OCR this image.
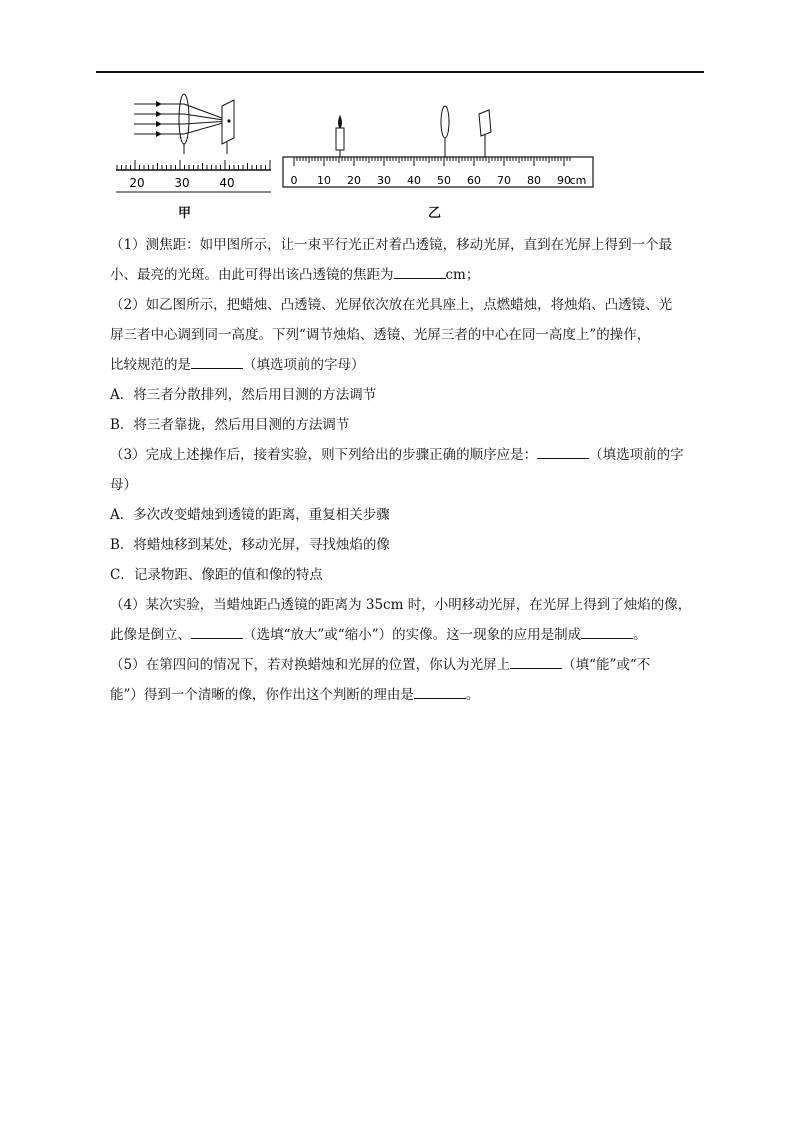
20 30 40
甲
0 10 20 30 40 50 60 70 80 90
cm
乙
（1）测焦距：如甲图所示，让一束平行光正对着凸透镜，移动光屏，直到在光屏上得到一个最
小、最亮的光斑。由此可得出该凸透镜的焦距为	cm；
（2）如乙图所示，把蜡烛、凸透镜、光屏依次放在光具座上，点燃蜡烛，将烛焰、凸透镜、光
屏三者中心调到同一高度。下列“调节烛焰、透镜、光屏三者的中心在同一高度上”的操作，
比较规范的是	（填选项前的字母）
A．将三者分散排列，然后用目测的方法调节
B．将三者靠拢，然后用目测的方法调节
（3）完成上述操作后，接着实验，则下列给出的步骤正确的顺序应是：	（填选项前的字
母）
A．多次改变蜡烛到透镜的距离，重复相关步骤
B．将蜡烛移到某处，移动光屏，寻找烛焰的像
C．记录物距、像距的值和像的特点
（4）某次实验，当蜡烛距凸透镜的距离为 35cm 时，小明移动光屏，在光屏上得到了烛焰的像，
此像是倒立、	（选填“放大”或“缩小”）的实像。这一现象的应用是制成	。
（5）在第四问的情况下，若对换蜡烛和光屏的位置，你认为光屏上	（填“能”或“不
能”）得到一个清晰的像，你作出这个判断的理由是	。
